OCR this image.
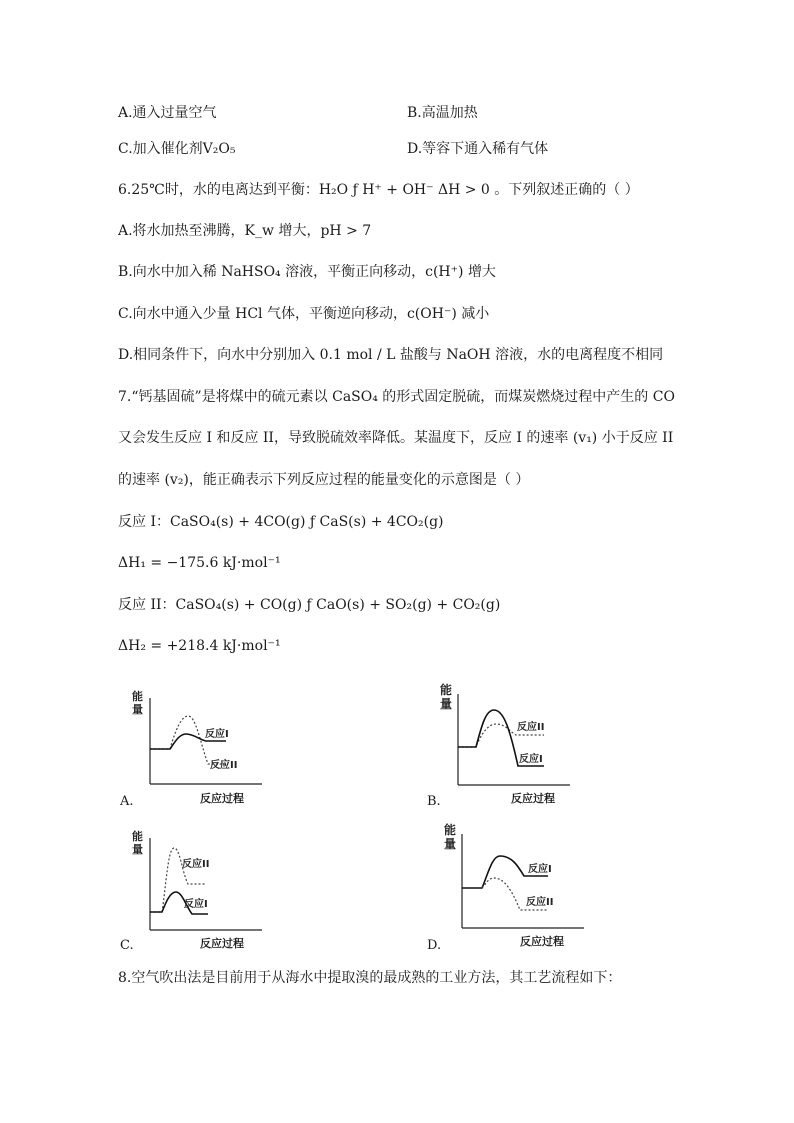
A.通入过量空气	B.高温加热
C.加入催化剂V₂O₅	D.等容下通入稀有气体
6.25℃时，水的电离达到平衡：H₂O ƒ H⁺ + OH⁻ ΔH > 0 。下列叙述正确的（ ）
A.将水加热至沸腾，K_w 增大，pH > 7
B.向水中加入稀 NaHSO₄ 溶液，平衡正向移动，c(H⁺) 增大
C.向水中通入少量 HCl 气体，平衡逆向移动，c(OH⁻) 减小
D.相同条件下，向水中分别加入 0.1 mol / L 盐酸与 NaOH 溶液，水的电离程度不相同
7.“钙基固硫”是将煤中的硫元素以 CaSO₄ 的形式固定脱硫，而煤炭燃烧过程中产生的 CO
又会发生反应 I 和反应 II，导致脱硫效率降低。某温度下，反应 I 的速率 (v₁) 小于反应 II
的速率 (v₂)，能正确表示下列反应过程的能量变化的示意图是（ ）
反应 I：CaSO₄(s) + 4CO(g) ƒ CaS(s) + 4CO₂(g)
ΔH₁ = −175.6 kJ·mol⁻¹
反应 II：CaSO₄(s) + CO(g) ƒ CaO(s) + SO₂(g) + CO₂(g)
ΔH₂ = +218.4 kJ·mol⁻¹
能
量
反应I
反应II
A.	反应过程
能
量
反应II
反应I
B.	反应过程
能
量
反应II
反应I
C.	反应过程
能
量
反应I
反应II
D.	反应过程
8.空气吹出法是目前用于从海水中提取溴的最成熟的工业方法，其工艺流程如下：
